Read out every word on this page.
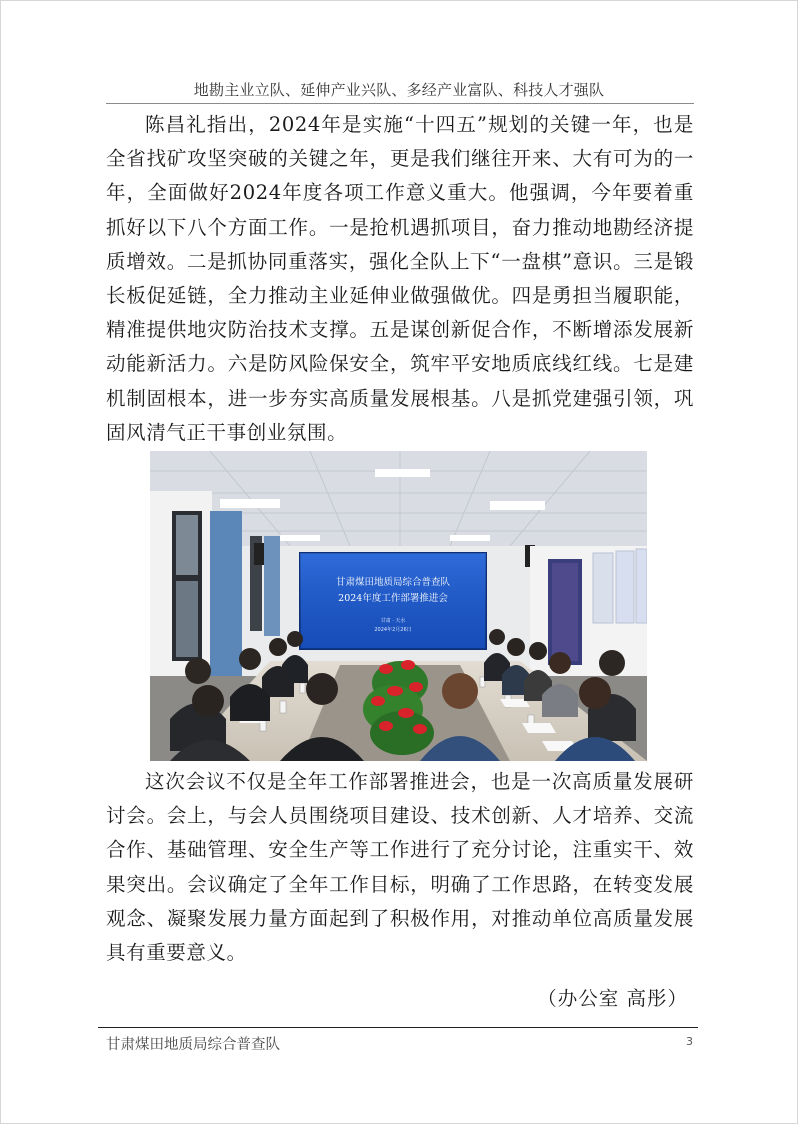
地勘主业立队、延伸产业兴队、多经产业富队、科技人才强队

陈昌礼指出，2024年是实施“十四五”规划的关键一年，也是全省找矿攻坚突破的关键之年，更是我们继往开来、大有可为的一年，全面做好2024年度各项工作意义重大。他强调，今年要着重抓好以下八个方面工作。一是抢机遇抓项目，奋力推动地勘经济提质增效。二是抓协同重落实，强化全队上下“一盘棋”意识。三是锻长板促延链，全力推动主业延伸业做强做优。四是勇担当履职能，精准提供地灾防治技术支撑。五是谋创新促合作，不断增添发展新动能新活力。六是防风险保安全，筑牢平安地质底线红线。七是建机制固根本，进一步夯实高质量发展根基。八是抓党建强引领，巩固风清气正干事创业氛围。

甘肃煤田地质局综合普查队
2024年度工作部署推进会
甘肃 · 天水
2024年2月26日

这次会议不仅是全年工作部署推进会，也是一次高质量发展研讨会。会上，与会人员围绕项目建设、技术创新、人才培养、交流合作、基础管理、安全生产等工作进行了充分讨论，注重实干、效果突出。会议确定了全年工作目标，明确了工作思路，在转变发展观念、凝聚发展力量方面起到了积极作用，对推动单位高质量发展具有重要意义。

（办公室 高彤）
甘肃煤田地质局综合普查队	3
